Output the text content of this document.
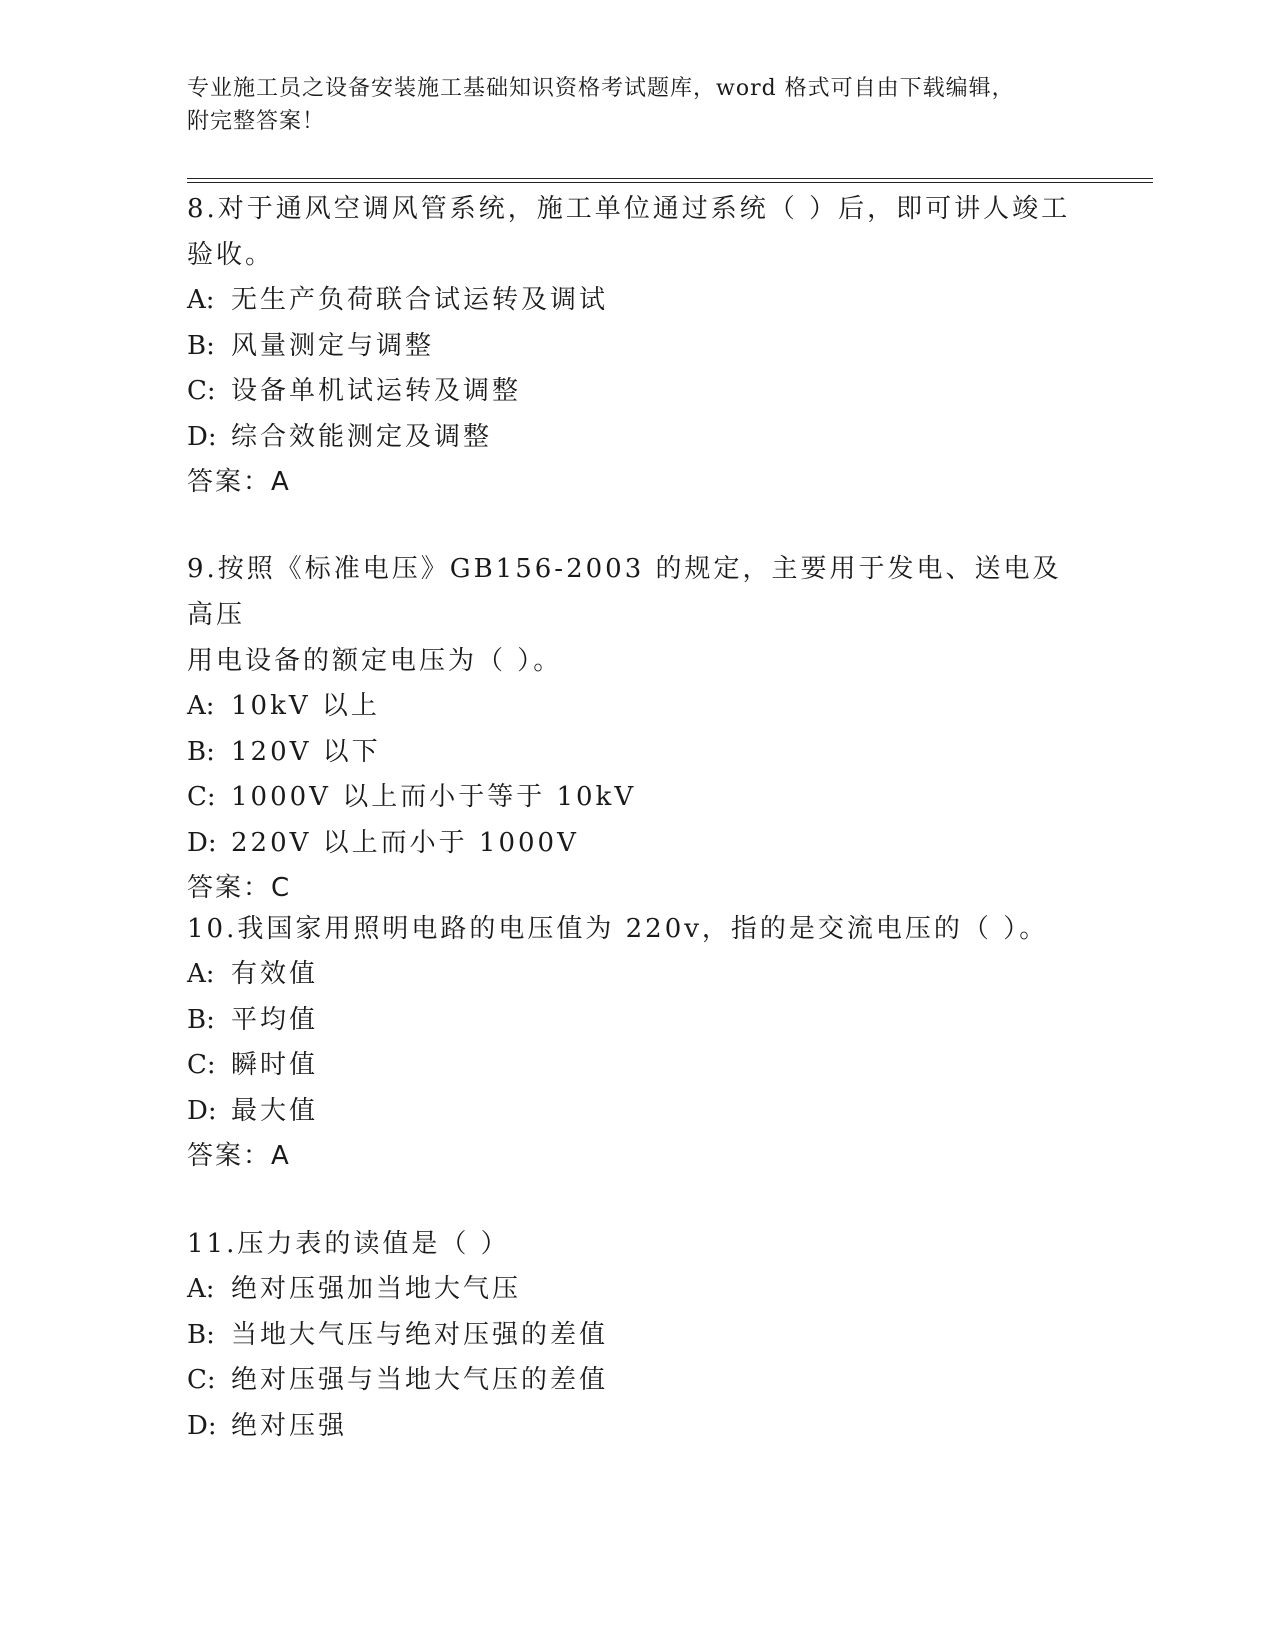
专业施工员之设备安装施工基础知识资格考试题库，word 格式可自由下载编辑，
附完整答案！

8.对于通风空调风管系统，施工单位通过系统（ ）后，即可讲人竣工

验收。

A: 无生产负荷联合试运转及调试

B: 风量测定与调整

C: 设备单机试运转及调整

D: 综合效能测定及调整

答案：A

9.按照《标准电压》GB156-2003 的规定，主要用于发电、送电及高压

用电设备的额定电压为（ ）。

A: 10kV 以上

B: 120V 以下

C: 1000V 以上而小于等于 10kV

D: 220V 以上而小于 1000V

答案：C

10.我国家用照明电路的电压值为 220v，指的是交流电压的（ ）。

A: 有效值

B: 平均值

C: 瞬时值

D: 最大值

答案：A

11.压力表的读值是（ ）

A: 绝对压强加当地大气压

B: 当地大气压与绝对压强的差值

C: 绝对压强与当地大气压的差值

D: 绝对压强
